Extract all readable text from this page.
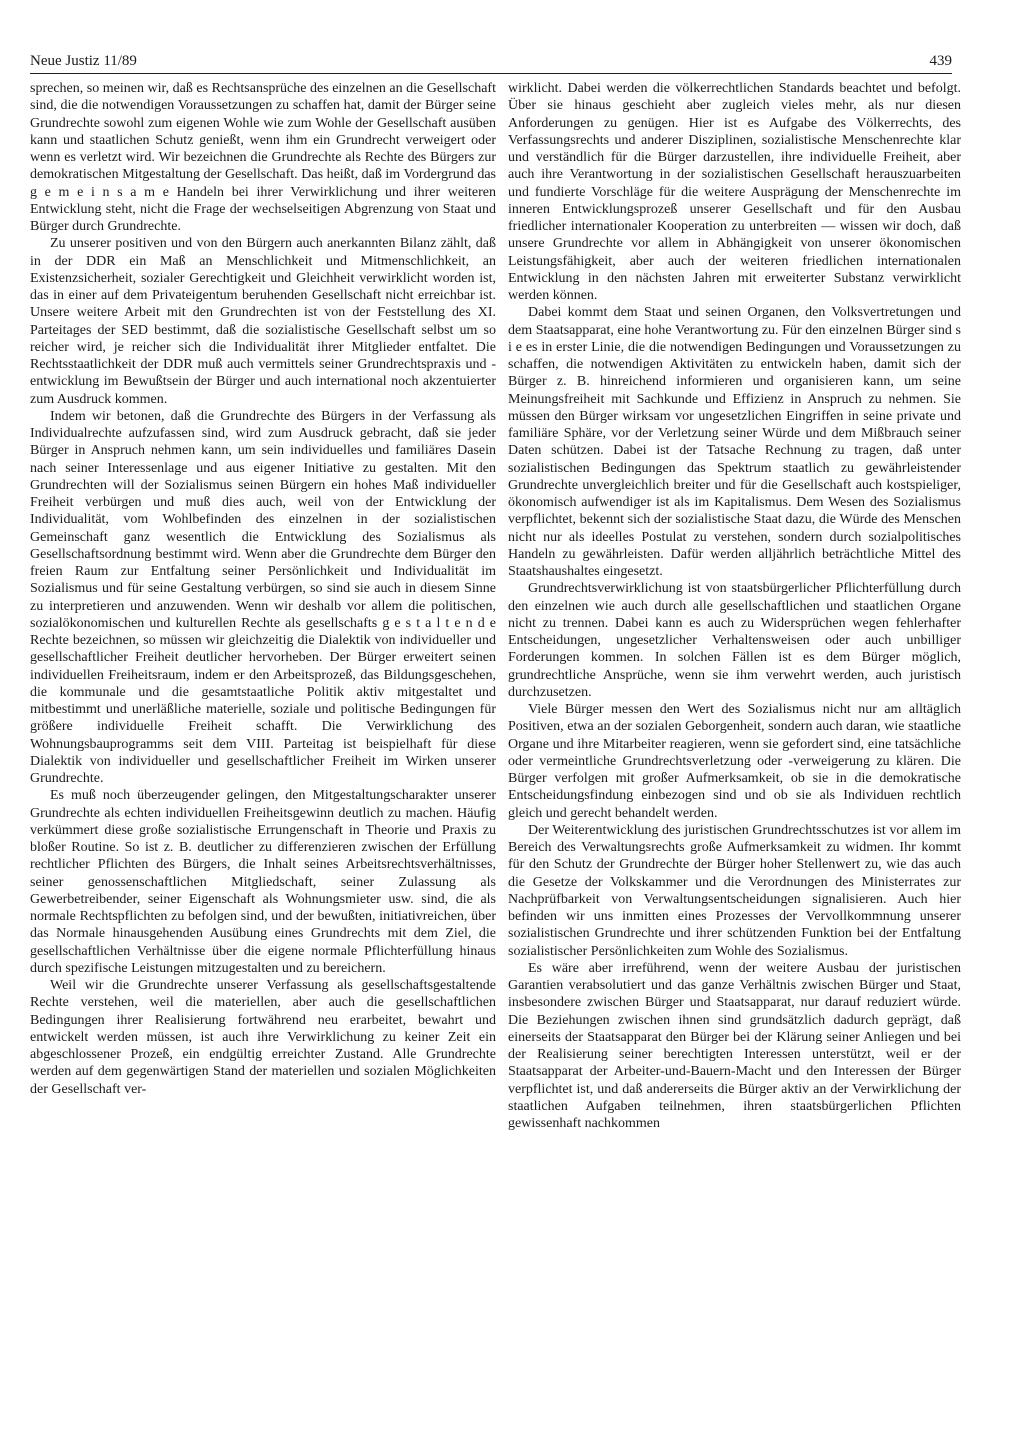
Neue Justiz 11/89	439

sprechen, so meinen wir, daß es Rechtsansprüche des einzelnen an die Gesellschaft sind, die die notwendigen Voraussetzungen zu schaffen hat, damit der Bürger seine Grundrechte sowohl zum eigenen Wohle wie zum Wohle der Gesellschaft ausüben kann und staatlichen Schutz genießt, wenn ihm ein Grundrecht verweigert oder wenn es verletzt wird. Wir bezeichnen die Grundrechte als Rechte des Bürgers zur demokratischen Mitgestaltung der Gesellschaft. Das heißt, daß im Vordergrund das g e m e i n s a m e Handeln bei ihrer Verwirklichung und ihrer weiteren Entwicklung steht, nicht die Frage der wechselseitigen Abgrenzung von Staat und Bürger durch Grundrechte.

Zu unserer positiven und von den Bürgern auch anerkannten Bilanz zählt, daß in der DDR ein Maß an Menschlichkeit und Mitmenschlichkeit, an Existenzsicherheit, sozialer Gerechtigkeit und Gleichheit verwirklicht worden ist, das in einer auf dem Privateigentum beruhenden Gesellschaft nicht erreichbar ist. Unsere weitere Arbeit mit den Grundrechten ist von der Feststellung des XI. Parteitages der SED bestimmt, daß die sozialistische Gesellschaft selbst um so reicher wird, je reicher sich die Individualität ihrer Mitglieder entfaltet. Die Rechtsstaatlichkeit der DDR muß auch vermittels seiner Grundrechtspraxis und -entwicklung im Bewußtsein der Bürger und auch international noch akzentuierter zum Ausdruck kommen.

Indem wir betonen, daß die Grundrechte des Bürgers in der Verfassung als Individualrechte aufzufassen sind, wird zum Ausdruck gebracht, daß sie jeder Bürger in Anspruch nehmen kann, um sein individuelles und familiäres Dasein nach seiner Interessenlage und aus eigener Initiative zu gestalten. Mit den Grundrechten will der Sozialismus seinen Bürgern ein hohes Maß individueller Freiheit verbürgen und muß dies auch, weil von der Entwicklung der Individualität, vom Wohlbefinden des einzelnen in der sozialistischen Gemeinschaft ganz wesentlich die Entwicklung des Sozialismus als Gesellschaftsordnung bestimmt wird. Wenn aber die Grundrechte dem Bürger den freien Raum zur Entfaltung seiner Persönlichkeit und Individualität im Sozialismus und für seine Gestaltung verbürgen, so sind sie auch in diesem Sinne zu interpretieren und anzuwenden. Wenn wir deshalb vor allem die politischen, sozialökonomischen und kulturellen Rechte als gesellschafts g e s t a l t e n d e Rechte bezeichnen, so müssen wir gleichzeitig die Dialektik von individueller und gesellschaftlicher Freiheit deutlicher hervorheben. Der Bürger erweitert seinen individuellen Freiheitsraum, indem er den Arbeitsprozeß, das Bildungsgeschehen, die kommunale und die gesamtstaatliche Politik aktiv mitgestaltet und mitbestimmt und unerläßliche materielle, soziale und politische Bedingungen für größere individuelle Freiheit schafft. Die Verwirklichung des Wohnungsbauprogramms seit dem VIII. Parteitag ist beispielhaft für diese Dialektik von individueller und gesellschaftlicher Freiheit im Wirken unserer Grundrechte.

Es muß noch überzeugender gelingen, den Mitgestaltungscharakter unserer Grundrechte als echten individuellen Freiheitsgewinn deutlich zu machen. Häufig verkümmert diese große sozialistische Errungenschaft in Theorie und Praxis zu bloßer Routine. So ist z. B. deutlicher zu differenzieren zwischen der Erfüllung rechtlicher Pflichten des Bürgers, die Inhalt seines Arbeitsrechtsverhältnisses, seiner genossenschaftlichen Mitgliedschaft, seiner Zulassung als Gewerbetreibender, seiner Eigenschaft als Wohnungsmieter usw. sind, die als normale Rechtspflichten zu befolgen sind, und der bewußten, initiativreichen, über das Normale hinausgehenden Ausübung eines Grundrechts mit dem Ziel, die gesellschaftlichen Verhältnisse über die eigene normale Pflichterfüllung hinaus durch spezifische Leistungen mitzugestalten und zu bereichern.

Weil wir die Grundrechte unserer Verfassung als gesellschaftsgestaltende Rechte verstehen, weil die materiellen, aber auch die gesellschaftlichen Bedingungen ihrer Realisierung fortwährend neu erarbeitet, bewahrt und entwickelt werden müssen, ist auch ihre Verwirklichung zu keiner Zeit ein abgeschlossener Prozeß, ein endgültig erreichter Zustand. Alle Grundrechte werden auf dem gegenwärtigen Stand der materiellen und sozialen Möglichkeiten der Gesellschaft ver-

wirklicht. Dabei werden die völkerrechtlichen Standards beachtet und befolgt. Über sie hinaus geschieht aber zugleich vieles mehr, als nur diesen Anforderungen zu genügen. Hier ist es Aufgabe des Völkerrechts, des Verfassungsrechts und anderer Disziplinen, sozialistische Menschenrechte klar und verständlich für die Bürger darzustellen, ihre individuelle Freiheit, aber auch ihre Verantwortung in der sozialistischen Gesellschaft herauszuarbeiten und fundierte Vorschläge für die weitere Ausprägung der Menschenrechte im inneren Entwicklungsprozeß unserer Gesellschaft und für den Ausbau friedlicher internationaler Kooperation zu unterbreiten — wissen wir doch, daß unsere Grundrechte vor allem in Abhängigkeit von unserer ökonomischen Leistungsfähigkeit, aber auch der weiteren friedlichen internationalen Entwicklung in den nächsten Jahren mit erweiterter Substanz verwirklicht werden können.

Dabei kommt dem Staat und seinen Organen, den Volksvertretungen und dem Staatsapparat, eine hohe Verantwortung zu. Für den einzelnen Bürger sind s i e es in erster Linie, die die notwendigen Bedingungen und Voraussetzungen zu schaffen, die notwendigen Aktivitäten zu entwickeln haben, damit sich der Bürger z. B. hinreichend informieren und organisieren kann, um seine Meinungsfreiheit mit Sachkunde und Effizienz in Anspruch zu nehmen. Sie müssen den Bürger wirksam vor ungesetzlichen Eingriffen in seine private und familiäre Sphäre, vor der Verletzung seiner Würde und dem Mißbrauch seiner Daten schützen. Dabei ist der Tatsache Rechnung zu tragen, daß unter sozialistischen Bedingungen das Spektrum staatlich zu gewährleistender Grundrechte unvergleichlich breiter und für die Gesellschaft auch kostspieliger, ökonomisch aufwendiger ist als im Kapitalismus. Dem Wesen des Sozialismus verpflichtet, bekennt sich der sozialistische Staat dazu, die Würde des Menschen nicht nur als ideelles Postulat zu verstehen, sondern durch sozialpolitisches Handeln zu gewährleisten. Dafür werden alljährlich beträchtliche Mittel des Staatshaushaltes eingesetzt.

Grundrechtsverwirklichung ist von staatsbürgerlicher Pflichterfüllung durch den einzelnen wie auch durch alle gesellschaftlichen und staatlichen Organe nicht zu trennen. Dabei kann es auch zu Widersprüchen wegen fehlerhafter Entscheidungen, ungesetzlicher Verhaltensweisen oder auch unbilliger Forderungen kommen. In solchen Fällen ist es dem Bürger möglich, grundrechtliche Ansprüche, wenn sie ihm verwehrt werden, auch juristisch durchzusetzen.

Viele Bürger messen den Wert des Sozialismus nicht nur am alltäglich Positiven, etwa an der sozialen Geborgenheit, sondern auch daran, wie staatliche Organe und ihre Mitarbeiter reagieren, wenn sie gefordert sind, eine tatsächliche oder vermeintliche Grundrechtsverletzung oder -verweigerung zu klären. Die Bürger verfolgen mit großer Aufmerksamkeit, ob sie in die demokratische Entscheidungsfindung einbezogen sind und ob sie als Individuen rechtlich gleich und gerecht behandelt werden.

Der Weiterentwicklung des juristischen Grundrechtsschutzes ist vor allem im Bereich des Verwaltungsrechts große Aufmerksamkeit zu widmen. Ihr kommt für den Schutz der Grundrechte der Bürger hoher Stellenwert zu, wie das auch die Gesetze der Volkskammer und die Verordnungen des Ministerrates zur Nachprüfbarkeit von Verwaltungsentscheidungen signalisieren. Auch hier befinden wir uns inmitten eines Prozesses der Vervollkommnung unserer sozialistischen Grundrechte und ihrer schützenden Funktion bei der Entfaltung sozialistischer Persönlichkeiten zum Wohle des Sozialismus.

Es wäre aber irreführend, wenn der weitere Ausbau der juristischen Garantien verabsolutiert und das ganze Verhältnis zwischen Bürger und Staat, insbesondere zwischen Bürger und Staatsapparat, nur darauf reduziert würde. Die Beziehungen zwischen ihnen sind grundsätzlich dadurch geprägt, daß einerseits der Staatsapparat den Bürger bei der Klärung seiner Anliegen und bei der Realisierung seiner berechtigten Interessen unterstützt, weil er der Staatsapparat der Arbeiter-und-Bauern-Macht und den Interessen der Bürger verpflichtet ist, und daß andererseits die Bürger aktiv an der Verwirklichung der staatlichen Aufgaben teilnehmen, ihren staatsbürgerlichen Pflichten gewissenhaft nachkommen
